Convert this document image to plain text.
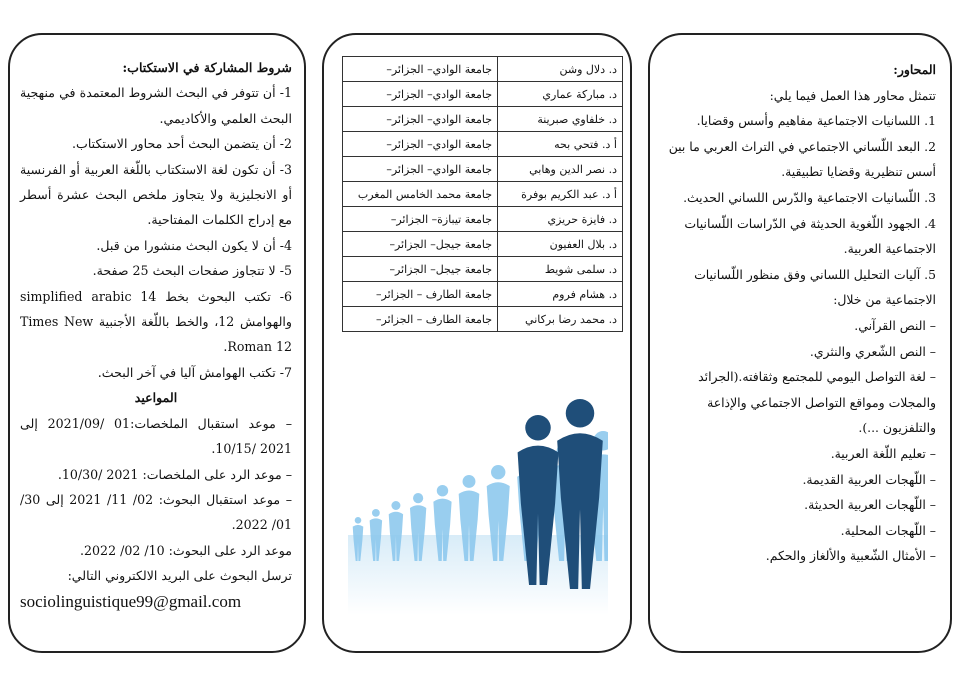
المحاور:

تتمثل محاور هذا العمل فيما يلي:

1. اللسانيات الاجتماعية مفاهيم وأسس وقضايا.

2. البعد اللّساني الاجتماعي في التراث العربي ما بين أسس تنظيرية وقضايا تطبيقية.

3. اللّسانيات الاجتماعية والدّرس اللساني الحديث.

4. الجهود اللّغوية الحديثة في الدّراسات اللّسانيات الاجتماعية العربية.

5. آليات التحليل اللساني وفق منظور اللّسانيات الاجتماعية من خلال:

– النص القرآني.

– النص الشّعري والنثري.

– لغة التواصل اليومي للمجتمع وثقافته.(الجرائد والمجلات ومواقع التواصل الاجتماعي والإذاعة والتلفزيون ...).

– تعليم اللّغة العربية.

– اللّهجات العربية القديمة.

– اللّهجات العربية الحديثة.

– اللّهجات المحلية.

– الأمثال الشّعبية والألغاز والحكم.

د. دلال وشن	جامعة الوادي– الجزائر–
د. مباركة عماري	جامعة الوادي– الجزائر–
د. خلفاوي صبرينة	جامعة الوادي– الجزائر–
أ د. فتحي بحه	جامعة الوادي– الجزائر–
د. نصر الدين وهابي	جامعة الوادي– الجزائر–
أ د. عبد الكريم بوفرة	جامعة محمد الخامس المغرب
د. فايزة حريزي	جامعة تيبازة– الجزائر–
د. بلال العفيون	جامعة جيجل– الجزائر–
د. سلمى شويط	جامعة جيجل– الجزائر–
د. هشام فروم	جامعة الطارف – الجزائر–
د. محمد رضا بركاني	جامعة الطارف – الجزائر–

شروط المشاركة في الاستكتاب:

1- أن تتوفر في البحث الشروط المعتمدة في منهجية البحث العلمي والأكاديمي.

2- أن يتضمن البحث أحد محاور الاستكتاب.

3- أن تكون لغة الاستكتاب باللّغة العربية أو الفرنسية أو الانجليزية ولا يتجاوز ملخص البحث عشرة أسطر مع إدراج الكلمات المفتاحية.

4- أن لا يكون البحث منشورا من قبل.

5- لا تتجاوز صفحات البحث 25 صفحة.

6- تكتب البحوث بخط simplified arabic 14 والهوامش 12، والخط باللّغة الأجنبية Times New Roman 12.

7- تكتب الهوامش آليا في آخر البحث.

المواعيد

– موعد استقبال الملخصات:01 /2021/09 إلى 2021 /10/15.

– موعد الرد على الملخصات: 2021 /10/30.

– موعد استقبال البحوث: 02/ 11/ 2021 إلى 30/ 01/ 2022.

موعد الرد على البحوث: 10/ 02/ 2022.

ترسل البحوث على البريد الالكتروني التالي:

sociolinguistique99@gmail.com
